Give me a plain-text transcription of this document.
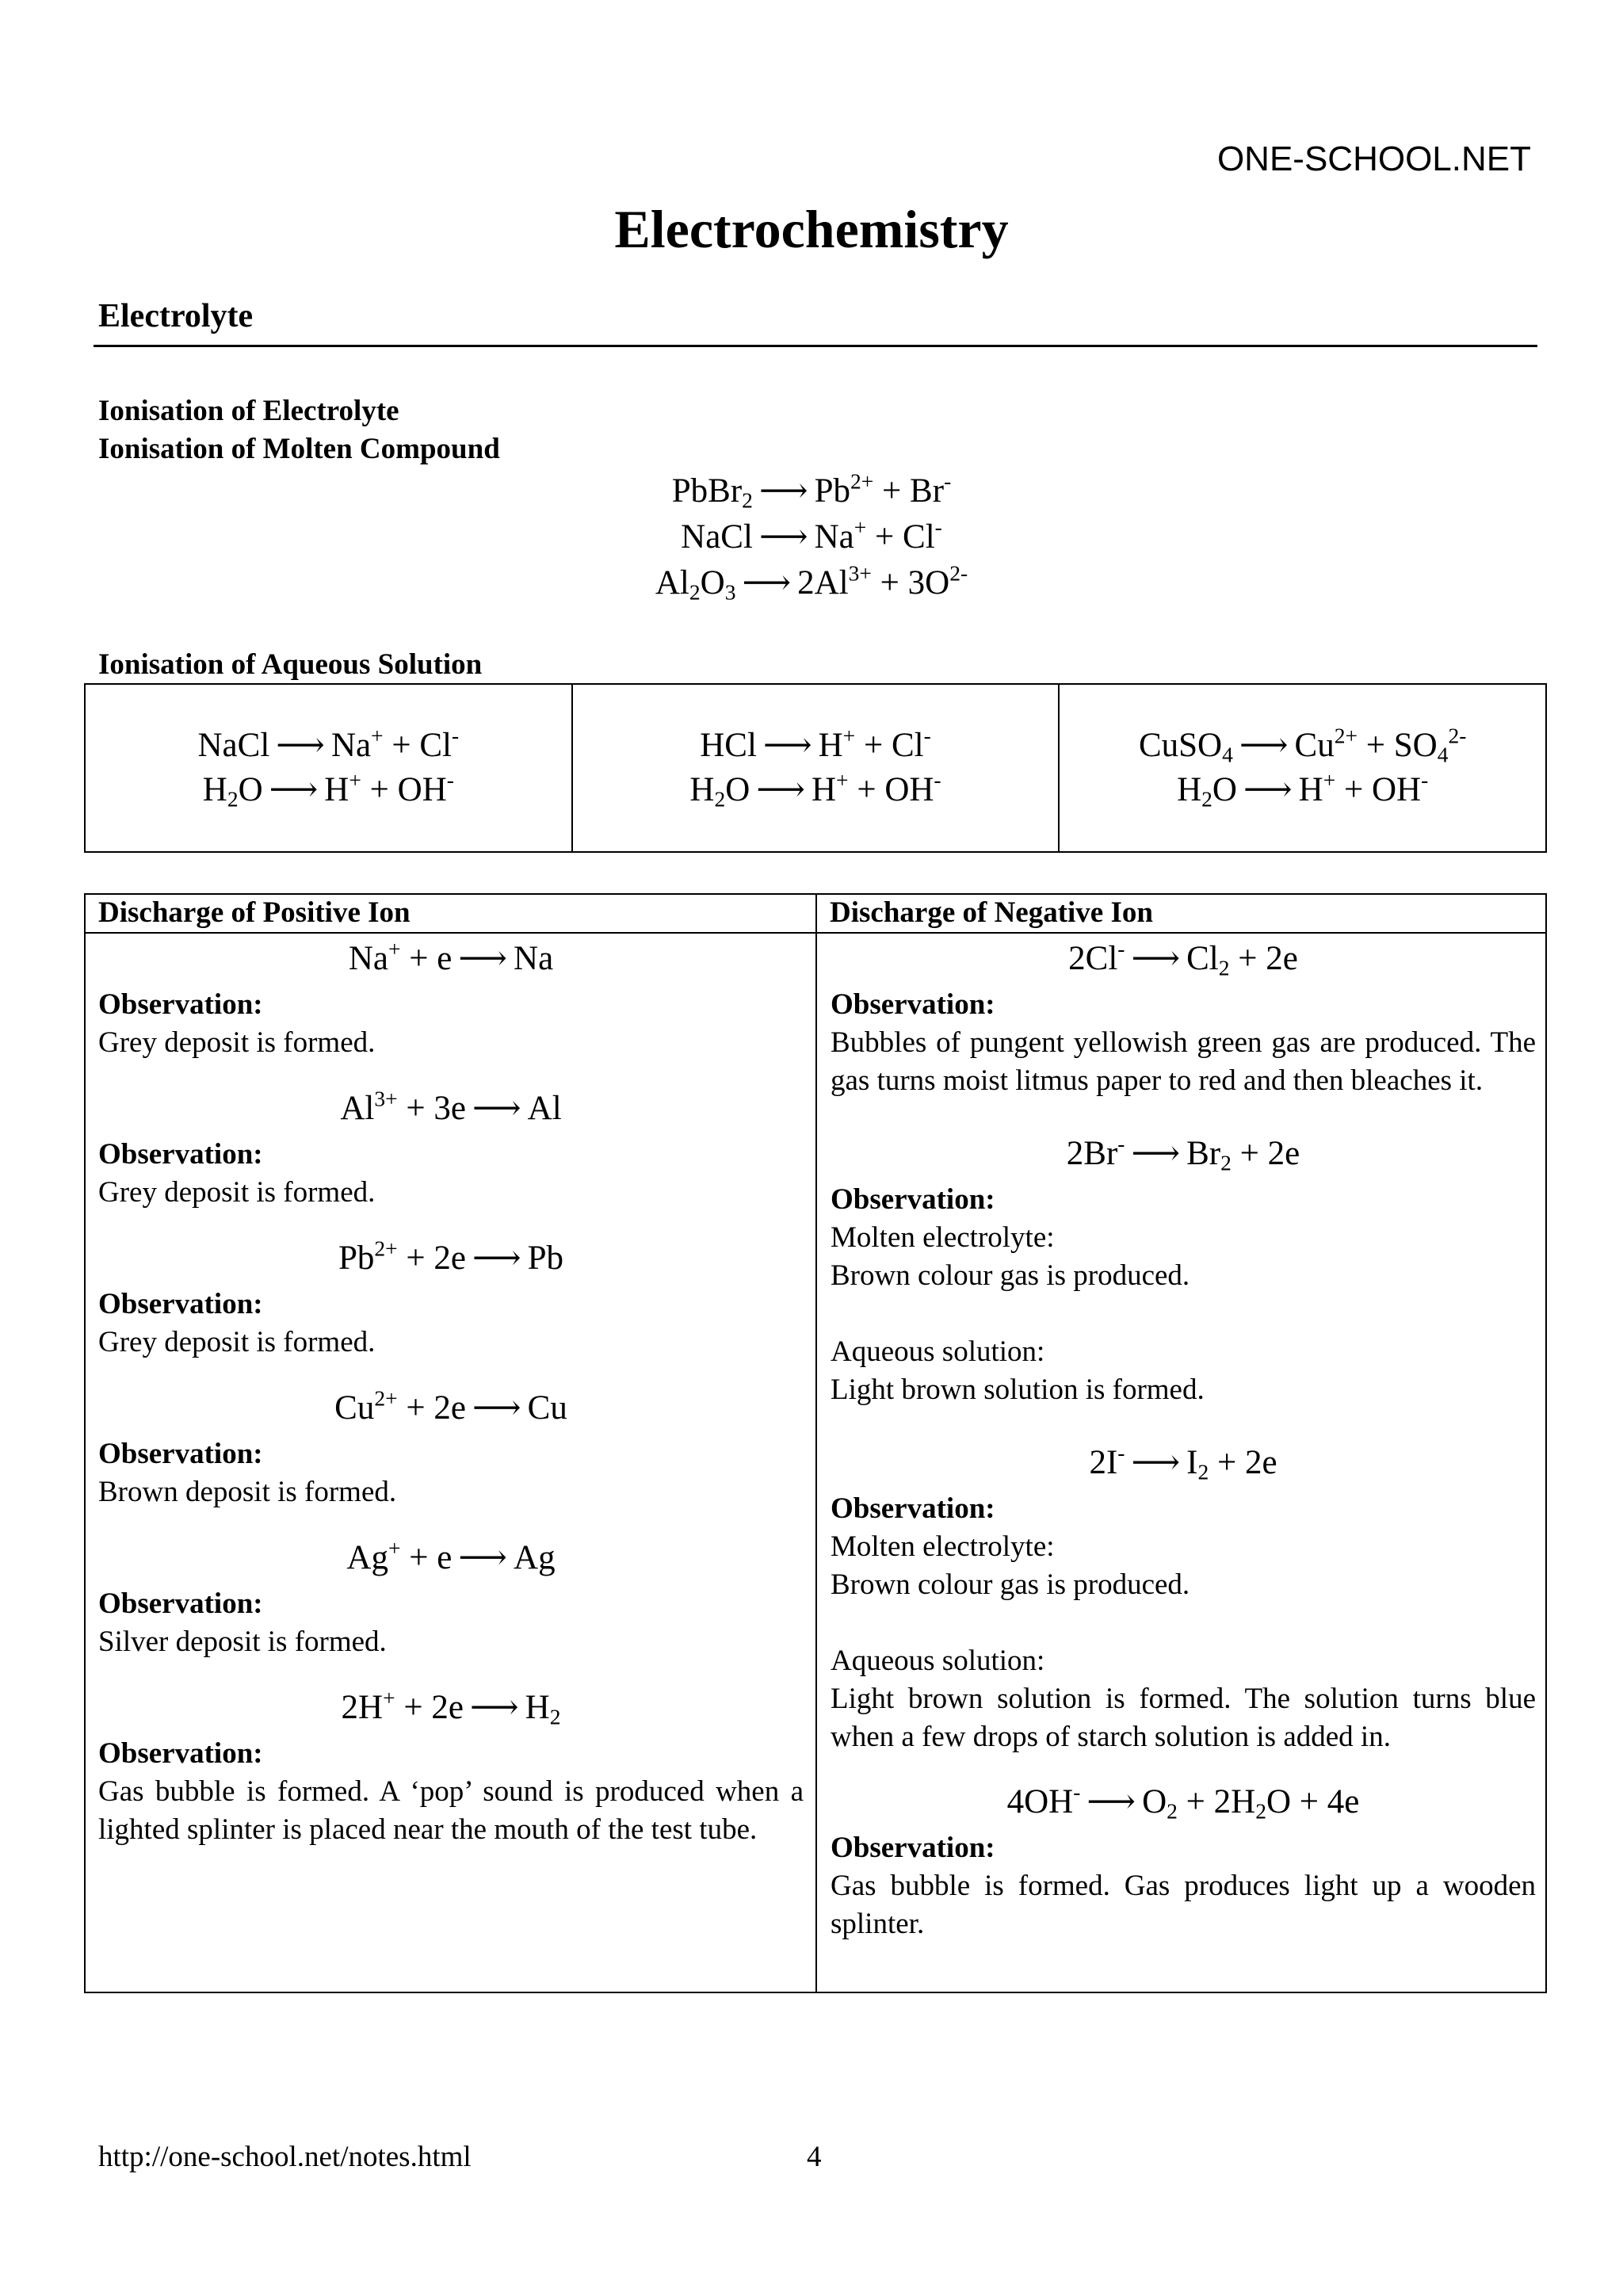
ONE-SCHOOL.NET
Electrochemistry
Electrolyte
Ionisation of Electrolyte
Ionisation of Molten Compound
PbBr$_2$ ⟶ $Pb^{2+} + Br^-$
NaCl ⟶ Na+ + Cl-
$Al_2O_3$ ⟶ $2Al^{3+} + 3O^{2-}$
Ionisation of Aqueous Solution
NaCl ⟶ Na+ + Cl-
$H_2O$ ⟶ H+ + OH-
HCl ⟶ H+ + Cl-
$H_2O$ ⟶ H+ + OH-
CuSO$_4$ ⟶ $Cu^{2+} + SO_4^{2-}$
$H_2O$ ⟶ H+ + OH-
Discharge of Positive Ion	Discharge of Negative Ion
Na+ + e ⟶ Na
Observation:
Grey deposit is formed.
$Al^{3+} + 3e$ ⟶ Al
Observation:
Grey deposit is formed.
$Pb^{2+} + 2e$ ⟶ Pb
Observation:
Grey deposit is formed.
$Cu^{2+} + 2e$ ⟶ Cu
Observation:
Brown deposit is formed.
Ag+ + e ⟶ Ag
Observation:
Silver deposit is formed.
2H+ + 2e ⟶ $H_2$
Observation:
Gas bubble is formed. A ‘pop’ sound is produced when a lighted splinter is placed near the mouth of the test tube.
2Cl- ⟶ $Cl_2 + 2e$
Observation:
Bubbles of pungent yellowish green gas are produced. The gas turns moist litmus paper to red and then bleaches it.
2Br- ⟶ $Br_2 + 2e$
Observation:
Molten electrolyte:
Brown colour gas is produced.
Aqueous solution:
Light brown solution is formed.
2I- ⟶ $I_2 + 2e$
Observation:
Molten electrolyte:
Brown colour gas is produced.
Aqueous solution:
Light brown solution is formed. The solution turns blue when a few drops of starch solution is added in.
4OH- ⟶ $O_2 + 2H_2O + 4e$
Observation:
Gas bubble is formed. Gas produces light up a wooden splinter.
http://one-school.net/notes.html	4
